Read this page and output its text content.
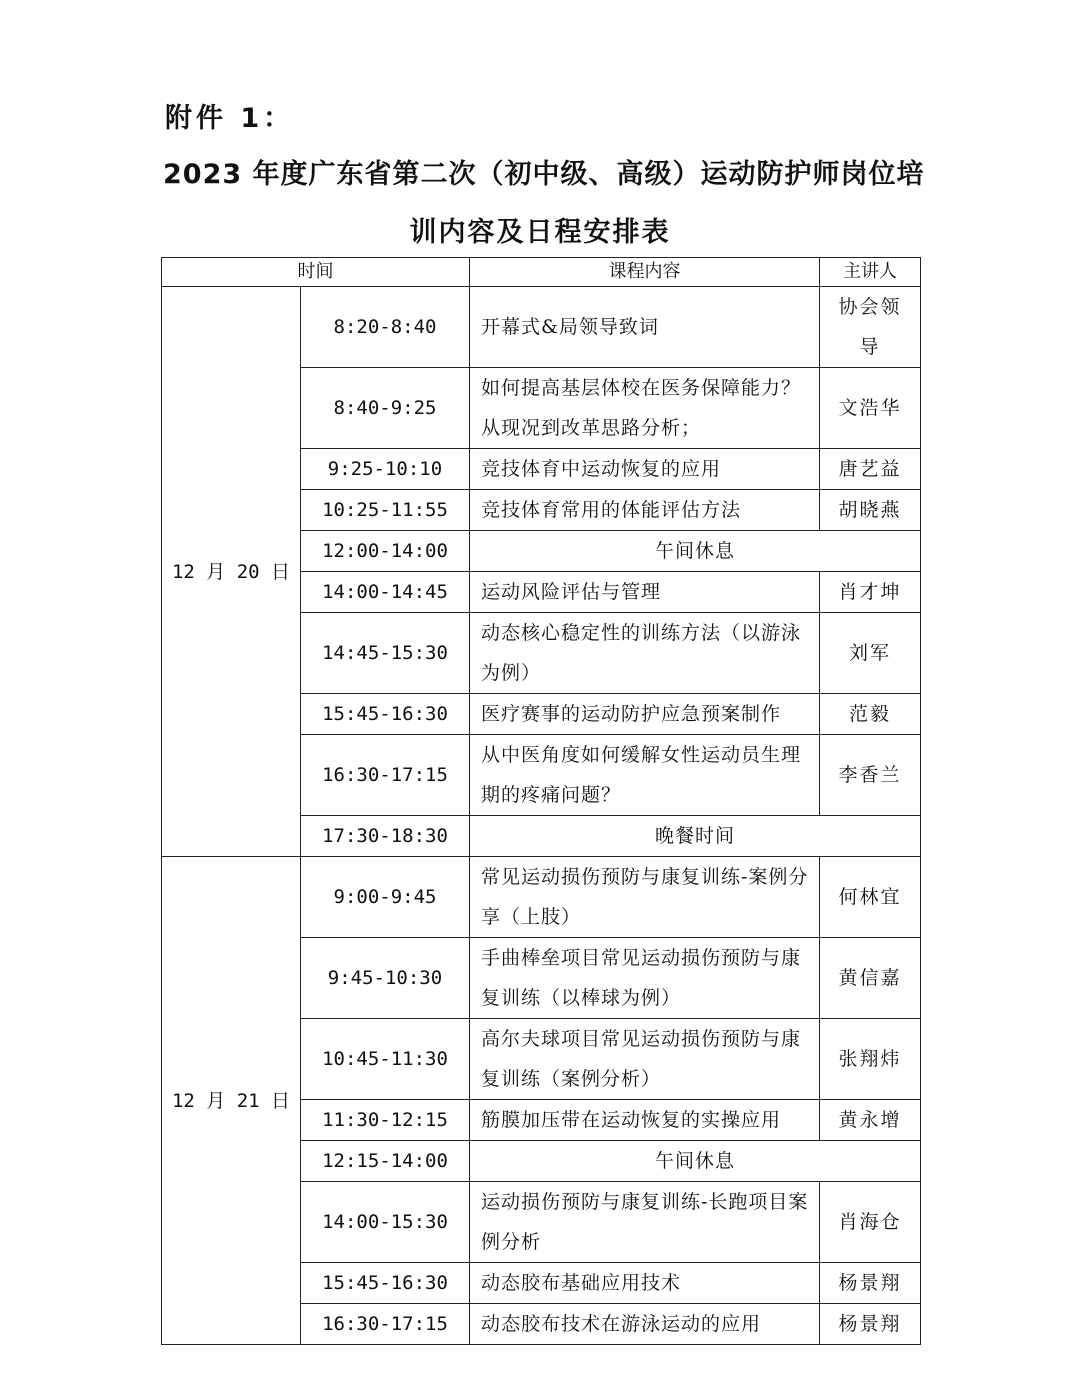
附件 1：
2023 年度广东省第二次（初中级、高级）运动防护师岗位培
训内容及日程安排表
时间		课程内容	主讲人
12 月 20 日	8:20-8:40	开幕式&局领导致词	协会领导
	8:40-9:25	如何提高基层体校在医务保障能力？从现况到改革思路分析；	文浩华
	9:25-10:10	竞技体育中运动恢复的应用	唐艺益
	10:25-11:55	竞技体育常用的体能评估方法	胡晓燕
	12:00-14:00	午间休息	
	14:00-14:45	运动风险评估与管理	肖才坤
	14:45-15:30	动态核心稳定性的训练方法（以游泳为例）	刘军
	15:45-16:30	医疗赛事的运动防护应急预案制作	范毅
	16:30-17:15	从中医角度如何缓解女性运动员生理期的疼痛问题？	李香兰
	17:30-18:30	晚餐时间	
12 月 21 日	9:00-9:45	常见运动损伤预防与康复训练-案例分享（上肢）	何林宜
	9:45-10:30	手曲棒垒项目常见运动损伤预防与康复训练（以棒球为例）	黄信嘉
	10:45-11:30	高尔夫球项目常见运动损伤预防与康复训练（案例分析）	张翔炜
	11:30-12:15	筋膜加压带在运动恢复的实操应用	黄永增
	12:15-14:00	午间休息	
	14:00-15:30	运动损伤预防与康复训练-长跑项目案例分析	肖海仓
	15:45-16:30	动态胶布基础应用技术	杨景翔
	16:30-17:15	动态胶布技术在游泳运动的应用	杨景翔
